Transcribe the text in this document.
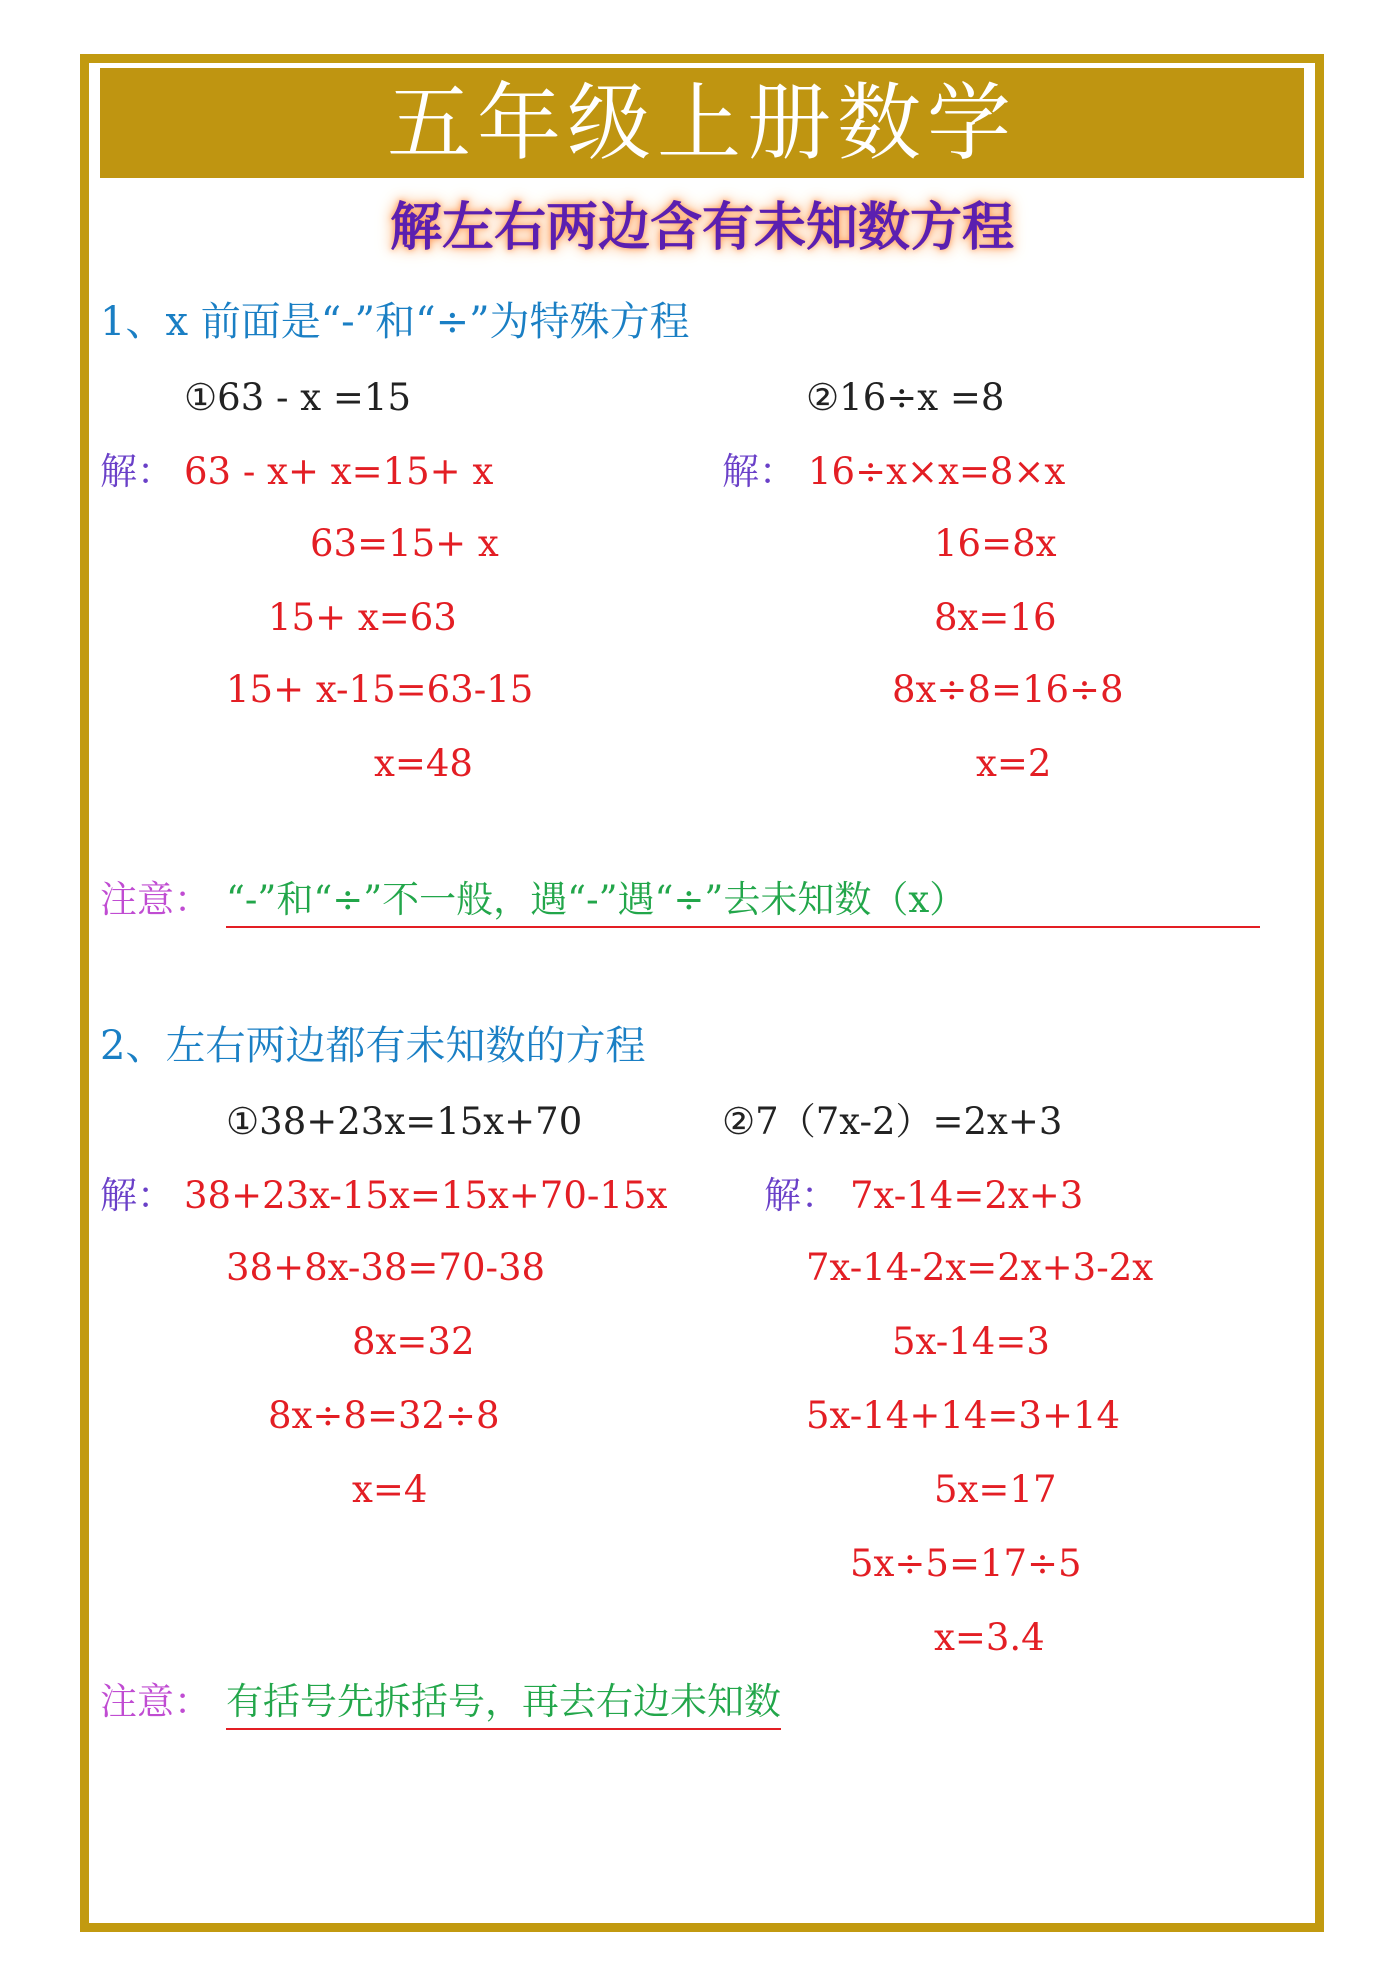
五年级上册数学
解左右两边含有未知数方程
1、x 前面是“-”和“÷”为特殊方程
①63 - x =15	②16÷x =8
解： 63 - x+ x=15+ x
63=15+ x
15+ x=63
15+ x-15=63-15
x=48
解： 16÷x×x=8×x
16=8x
8x=16
8x÷8=16÷8
x=2
注意： “-”和“÷”不一般，遇“-”遇“÷”去未知数（x）
2、左右两边都有未知数的方程
①38+23x=15x+70	②7（7x-2）=2x+3
解： 38+23x-15x=15x+70-15x
38+8x-38=70-38
8x=32
8x÷8=32÷8
x=4
解： 7x-14=2x+3
7x-14-2x=2x+3-2x
5x-14=3
5x-14+14=3+14
5x=17
5x÷5=17÷5
x=3.4
注意： 有括号先拆括号，再去右边未知数
